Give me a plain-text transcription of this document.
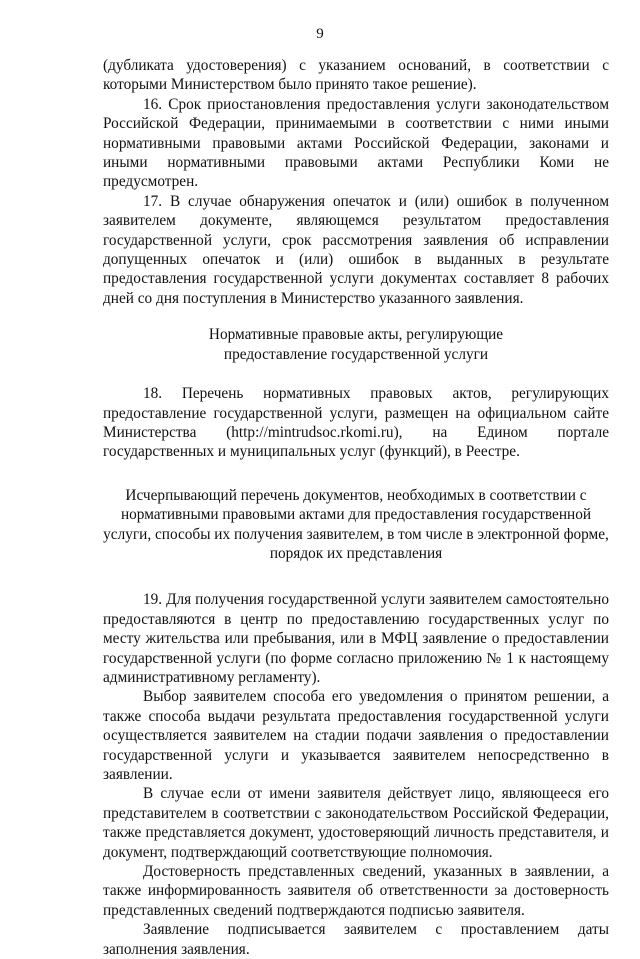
9

(дубликата удостоверения) с указанием оснований, в соответствии с которыми Министерством было принято такое решение).

16. Срок приостановления предоставления услуги законодательством Российской Федерации, принимаемыми в соответствии с ними иными нормативными правовыми актами Российской Федерации, законами и иными нормативными правовыми актами Республики Коми не предусмотрен.

17. В случае обнаружения опечаток и (или) ошибок в полученном заявителем документе, являющемся результатом предоставления государственной услуги, срок рассмотрения заявления об исправлении допущенных опечаток и (или) ошибок в выданных в результате предоставления государственной услуги документах составляет 8 рабочих дней со дня поступления в Министерство указанного заявления.

Нормативные правовые акты, регулирующие

предоставление государственной услуги

18. Перечень нормативных правовых актов, регулирующих предоставление государственной услуги, размещен на официальном сайте Министерства (http://mintrudsoc.rkomi.ru), на Едином портале государственных и муниципальных услуг (функций), в Реестре.

Исчерпывающий перечень документов, необходимых в соответствии с

нормативными правовыми актами для предоставления государственной

услуги, способы их получения заявителем, в том числе в электронной форме,

порядок их представления

19. Для получения государственной услуги заявителем самостоятельно предоставляются в центр по предоставлению государственных услуг по месту жительства или пребывания, или в МФЦ заявление о предоставлении государственной услуги (по форме согласно приложению № 1 к настоящему административному регламенту).

Выбор заявителем способа его уведомления о принятом решении, а также способа выдачи результата предоставления государственной услуги осуществляется заявителем на стадии подачи заявления о предоставлении государственной услуги и указывается заявителем непосредственно в заявлении.

В случае если от имени заявителя действует лицо, являющееся его представителем в соответствии с законодательством Российской Федерации, также представляется документ, удостоверяющий личность представителя, и документ, подтверждающий соответствующие полномочия.

Достоверность представленных сведений, указанных в заявлении, а также информированность заявителя об ответственности за достоверность представленных сведений подтверждаются подписью заявителя.

Заявление подписывается заявителем с проставлением даты заполнения заявления.
